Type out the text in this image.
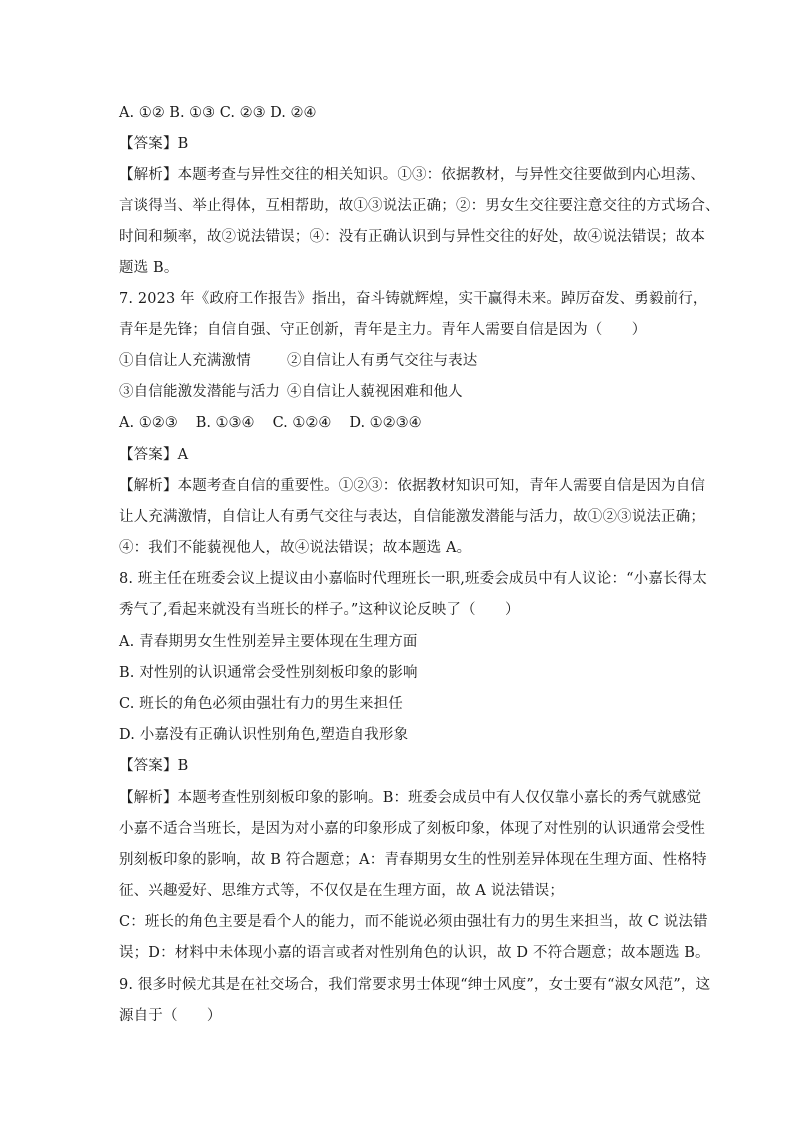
A. ①② B. ①③ C. ②③ D. ②④
【答案】B
【解析】本题考查与异性交往的相关知识。①③：依据教材，与异性交往要做到内心坦荡、
言谈得当、举止得体，互相帮助，故①③说法正确；②：男女生交往要注意交往的方式场合、
时间和频率，故②说法错误；④：没有正确认识到与异性交往的好处，故④说法错误；故本
题选 B。
7. 2023 年《政府工作报告》指出，奋斗铸就辉煌，实干赢得未来。踔厉奋发、勇毅前行，
青年是先锋；自信自强、守正创新，青年是主力。青年人需要自信是因为（　　）
①自信让人充满激情 ②自信让人有勇气交往与表达
③自信能激发潜能与活力 ④自信让人藐视困难和他人
A. ①②③ B. ①③④ C. ①②④ D. ①②③④
【答案】A
【解析】本题考查自信的重要性。①②③：依据教材知识可知，青年人需要自信是因为自信
让人充满激情，自信让人有勇气交往与表达，自信能激发潜能与活力，故①②③说法正确；
④：我们不能藐视他人，故④说法错误；故本题选 A。
8. 班主任在班委会议上提议由小嘉临时代理班长一职,班委会成员中有人议论：“小嘉长得太
秀气了,看起来就没有当班长的样子。”这种议论反映了（　　）
A. 青春期男女生性别差异主要体现在生理方面
B. 对性别的认识通常会受性别刻板印象的影响
C. 班长的角色必须由强壮有力的男生来担任
D. 小嘉没有正确认识性别角色,塑造自我形象
【答案】B
【解析】本题考查性别刻板印象的影响。B：班委会成员中有人仅仅靠小嘉长的秀气就感觉
小嘉不适合当班长，是因为对小嘉的印象形成了刻板印象，体现了对性别的认识通常会受性
别刻板印象的影响，故 B 符合题意；A：青春期男女生的性别差异体现在生理方面、性格特
征、兴趣爱好、思维方式等，不仅仅是在生理方面，故 A 说法错误；
C：班长的角色主要是看个人的能力，而不能说必须由强壮有力的男生来担当，故 C 说法错
误；D：材料中未体现小嘉的语言或者对性别角色的认识，故 D 不符合题意；故本题选 B。
9. 很多时候尤其是在社交场合，我们常要求男士体现“绅士风度”，女士要有“淑女风范”，这
源自于（　　）
